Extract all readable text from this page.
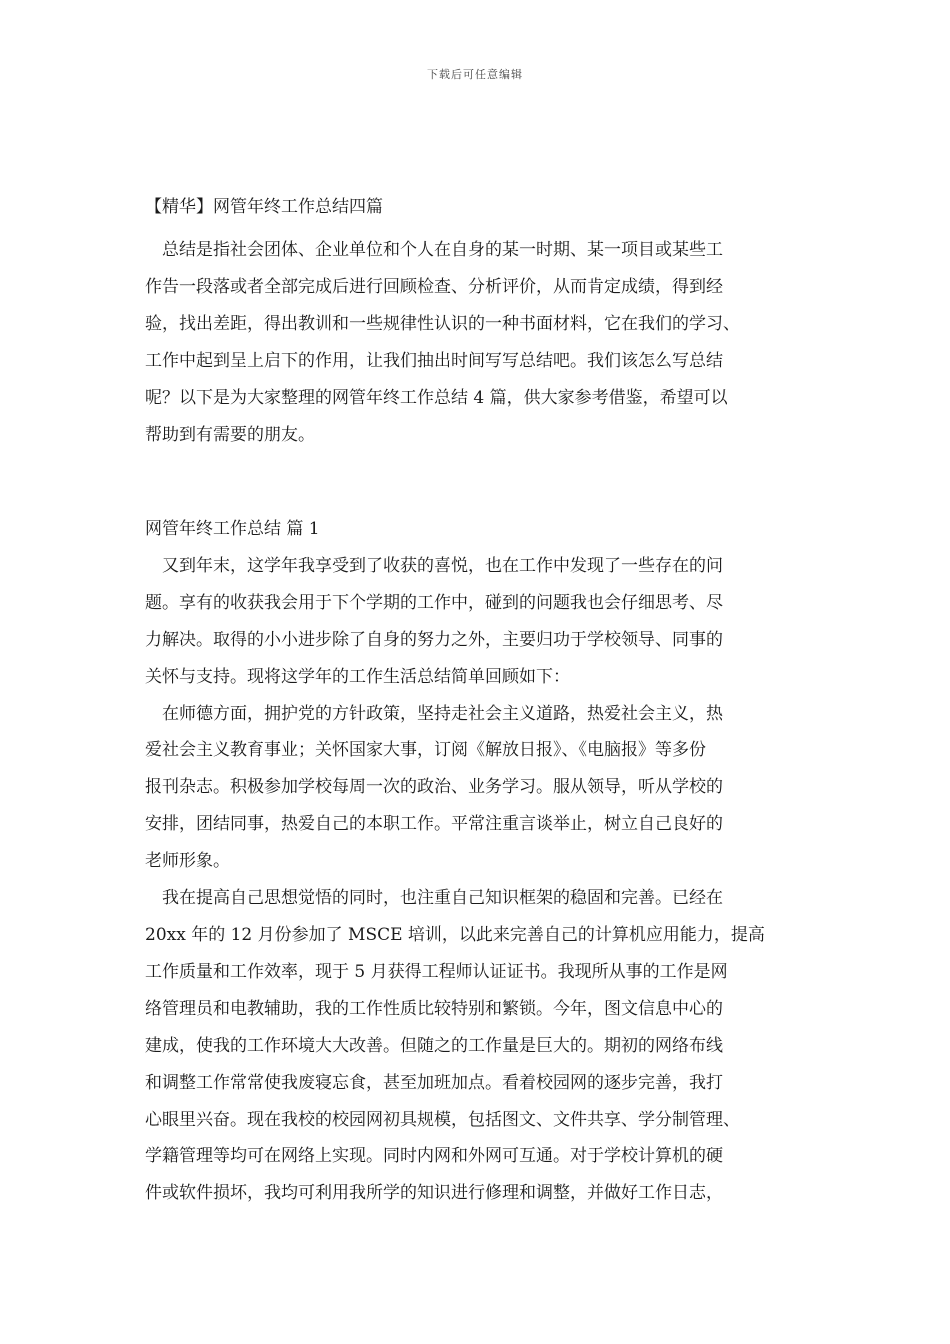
下载后可任意编辑
【精华】网管年终工作总结四篇

总结是指社会团体、企业单位和个人在自身的某一时期、某一项目或某些工

作告一段落或者全部完成后进行回顾检查、分析评价，从而肯定成绩，得到经

验，找出差距，得出教训和一些规律性认识的一种书面材料，它在我们的学习、

工作中起到呈上启下的作用，让我们抽出时间写写总结吧。我们该怎么写总结

呢？以下是为大家整理的网管年终工作总结 4 篇，供大家参考借鉴，希望可以

帮助到有需要的朋友。

网管年终工作总结 篇 1

又到年末，这学年我享受到了收获的喜悦，也在工作中发现了一些存在的问

题。享有的收获我会用于下个学期的工作中，碰到的问题我也会仔细思考、尽

力解决。取得的小小进步除了自身的努力之外，主要归功于学校领导、同事的

关怀与支持。现将这学年的工作生活总结简单回顾如下：

在师德方面，拥护党的方针政策，坚持走社会主义道路，热爱社会主义，热

爱社会主义教育事业；关怀国家大事，订阅《解放日报》、《电脑报》等多份

报刊杂志。积极参加学校每周一次的政治、业务学习。服从领导，听从学校的

安排，团结同事，热爱自己的本职工作。平常注重言谈举止，树立自己良好的

老师形象。

我在提高自己思想觉悟的同时，也注重自己知识框架的稳固和完善。已经在

20xx 年的 12 月份参加了 MSCE 培训，以此来完善自己的计算机应用能力，提高

工作质量和工作效率，现于 5 月获得工程师认证证书。我现所从事的工作是网

络管理员和电教辅助，我的工作性质比较特别和繁锁。今年，图文信息中心的

建成，使我的工作环境大大改善。但随之的工作量是巨大的。期初的网络布线

和调整工作常常使我废寝忘食，甚至加班加点。看着校园网的逐步完善，我打

心眼里兴奋。现在我校的校园网初具规模，包括图文、文件共享、学分制管理、

学籍管理等均可在网络上实现。同时内网和外网可互通。对于学校计算机的硬

件或软件损坏，我均可利用我所学的知识进行修理和调整，并做好工作日志，
